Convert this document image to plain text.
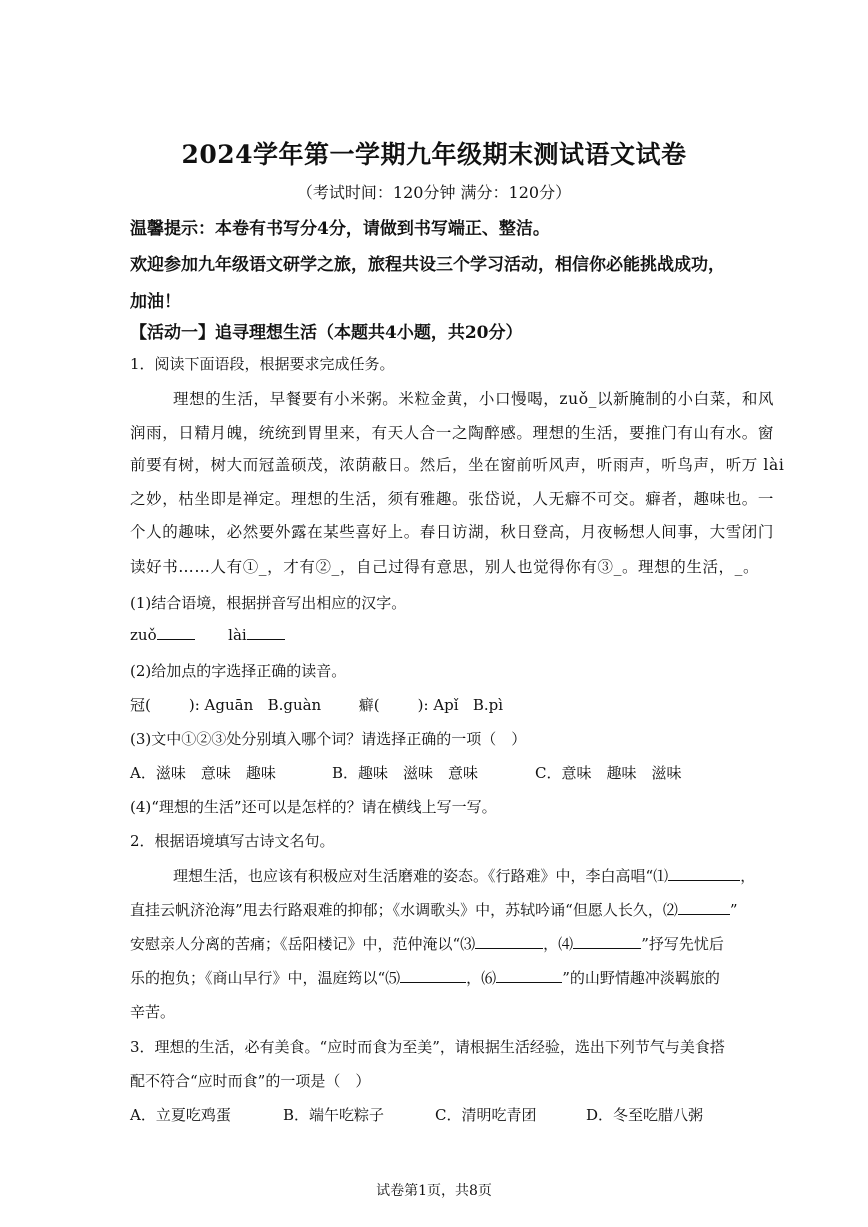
2024学年第一学期九年级期末测试语文试卷
（考试时间：120分钟 满分：120分）
温馨提示：本卷有书写分4分，请做到书写端正、整洁。
欢迎参加九年级语文研学之旅，旅程共设三个学习活动，相信你必能挑战成功，
加油！
【活动一】追寻理想生活（本题共4小题，共20分）
1．阅读下面语段，根据要求完成任务。
理想的生活，早餐要有小米粥。米粒金黄，小口慢喝，zuǒ_以新腌制的小白菜，和风
润雨，日精月魄，统统到胃里来，有天人合一之陶醉感。理想的生活，要推门有山有水。窗
前要有树，树大而冠盖硕茂，浓荫蔽日。然后，坐在窗前听风声，听雨声，听鸟声，听万 lài
之妙，枯坐即是禅定。理想的生活，须有雅趣。张岱说，人无癖不可交。癖者，趣味也。一
个人的趣味，必然要外露在某些喜好上。春日访湖，秋日登高，月夜畅想人间事，大雪闭门
读好书……人有①_，才有②_，自己过得有意思，别人也觉得你有③_。理想的生活，_。
(1)结合语境，根据拼音写出相应的汉字。
zuǒ	lài
(2)给加点的字选择正确的读音。
冠(	): Aguān B.guàn	癖(	): Apǐ B.pì
(3)文中①②③处分别填入哪个词？请选择正确的一项（　）
A．滋味　意味　趣味	B．趣味　滋味　意味	C．意味　趣味　滋味
(4)“理想的生活”还可以是怎样的？请在横线上写一写。
2．根据语境填写古诗文名句。
理想生活，也应该有积极应对生活磨难的姿态。《行路难》中，李白高唱“⑴	，
直挂云帆济沧海”甩去行路艰难的抑郁；《水调歌头》中，苏轼吟诵“但愿人长久，⑵	”
安慰亲人分离的苦痛；《岳阳楼记》中，范仲淹以“⑶	，⑷	”抒写先忧后
乐的抱负；《商山早行》中，温庭筠以“⑸	，⑹	”的山野情趣冲淡羁旅的
辛苦。
3．理想的生活，必有美食。“应时而食为至美”，请根据生活经验，选出下列节气与美食搭
配不符合“应时而食”的一项是（　）
A．立夏吃鸡蛋	B．端午吃粽子	C．清明吃青团	D．冬至吃腊八粥
试卷第1页，共8页
